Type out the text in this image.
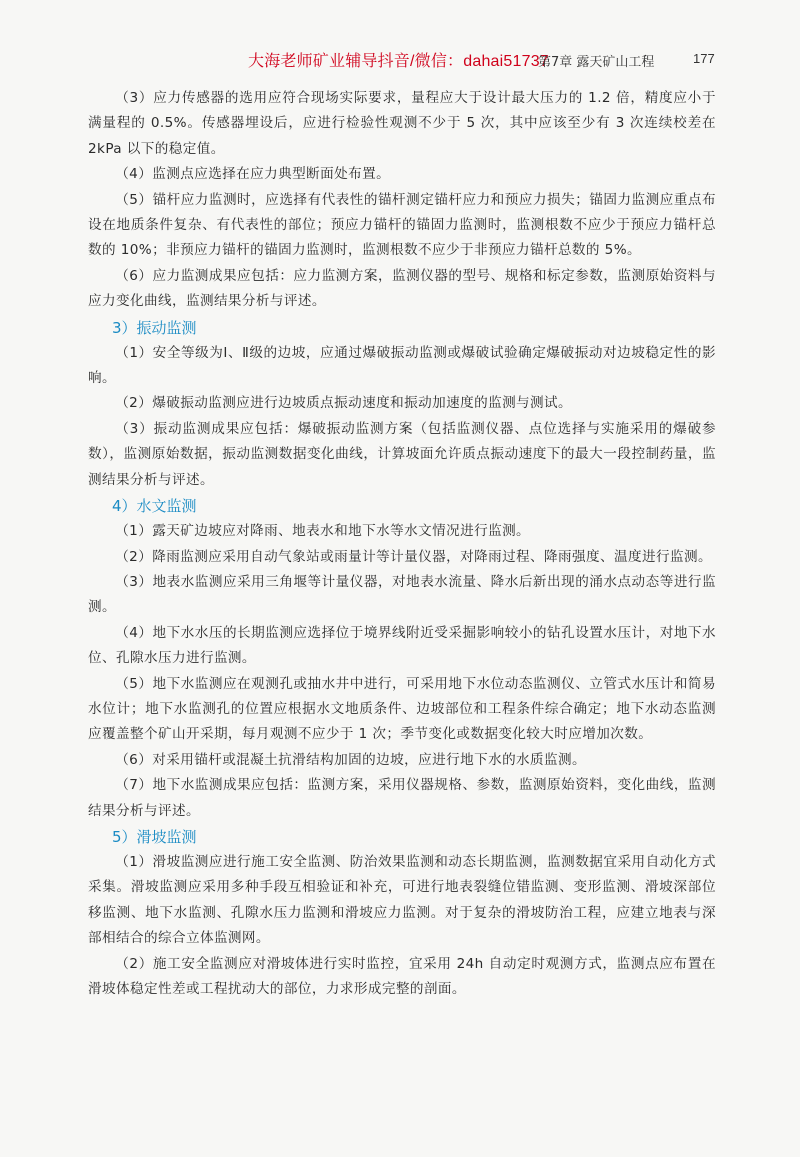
大海老师矿业辅导抖音/微信：dahai51737
第7章 露天矿山工程	177

（3）应力传感器的选用应符合现场实际要求，量程应大于设计最大压力的 1.2 倍，精度应小于满量程的 0.5%。传感器埋设后，应进行检验性观测不少于 5 次，其中应该至少有 3 次连续校差在 2kPa 以下的稳定值。

（4）监测点应选择在应力典型断面处布置。

（5）锚杆应力监测时，应选择有代表性的锚杆测定锚杆应力和预应力损失；锚固力监测应重点布设在地质条件复杂、有代表性的部位；预应力锚杆的锚固力监测时，监测根数不应少于预应力锚杆总数的 10%；非预应力锚杆的锚固力监测时，监测根数不应少于非预应力锚杆总数的 5%。

（6）应力监测成果应包括：应力监测方案，监测仪器的型号、规格和标定参数，监测原始资料与应力变化曲线，监测结果分析与评述。

3）振动监测

（1）安全等级为Ⅰ、Ⅱ级的边坡，应通过爆破振动监测或爆破试验确定爆破振动对边坡稳定性的影响。

（2）爆破振动监测应进行边坡质点振动速度和振动加速度的监测与测试。

（3）振动监测成果应包括：爆破振动监测方案（包括监测仪器、点位选择与实施采用的爆破参数），监测原始数据，振动监测数据变化曲线，计算坡面允许质点振动速度下的最大一段控制药量，监测结果分析与评述。

4）水文监测

（1）露天矿边坡应对降雨、地表水和地下水等水文情况进行监测。

（2）降雨监测应采用自动气象站或雨量计等计量仪器，对降雨过程、降雨强度、温度进行监测。

（3）地表水监测应采用三角堰等计量仪器，对地表水流量、降水后新出现的涌水点动态等进行监测。

（4）地下水水压的长期监测应选择位于境界线附近受采掘影响较小的钻孔设置水压计，对地下水位、孔隙水压力进行监测。

（5）地下水监测应在观测孔或抽水井中进行，可采用地下水位动态监测仪、立管式水压计和简易水位计；地下水监测孔的位置应根据水文地质条件、边坡部位和工程条件综合确定；地下水动态监测应覆盖整个矿山开采期，每月观测不应少于 1 次；季节变化或数据变化较大时应增加次数。

（6）对采用锚杆或混凝土抗滑结构加固的边坡，应进行地下水的水质监测。

（7）地下水监测成果应包括：监测方案，采用仪器规格、参数，监测原始资料，变化曲线，监测结果分析与评述。

5）滑坡监测

（1）滑坡监测应进行施工安全监测、防治效果监测和动态长期监测，监测数据宜采用自动化方式采集。滑坡监测应采用多种手段互相验证和补充，可进行地表裂缝位错监测、变形监测、滑坡深部位移监测、地下水监测、孔隙水压力监测和滑坡应力监测。对于复杂的滑坡防治工程，应建立地表与深部相结合的综合立体监测网。

（2）施工安全监测应对滑坡体进行实时监控，宜采用 24h 自动定时观测方式，监测点应布置在滑坡体稳定性差或工程扰动大的部位，力求形成完整的剖面。
